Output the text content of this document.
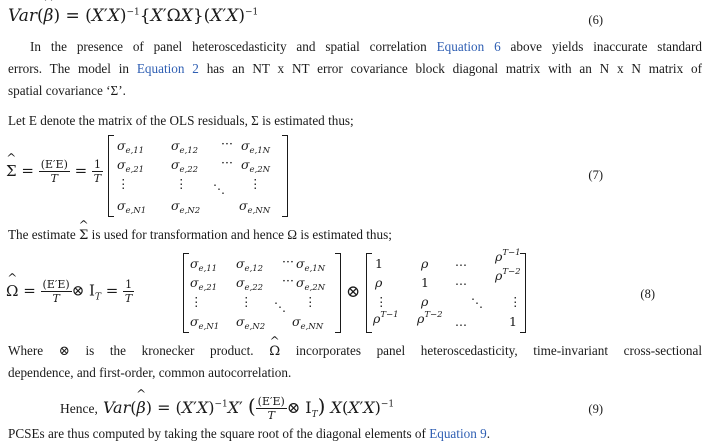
Var(^ $\beta) = (X'X)^{-1}\{X'\Omega X\}(X'X)^{-1}$
(6)
In the presence of panel heteroscedasticity and spatial correlation Equation 6 above yields inaccurate standard
errors. The model in Equation 2 has an NT x NT error covariance block diagonal matrix with an N x N matrix of
spatial covariance ‘Σ’.
Let E denote the matrix of the OLS residuals, Σ is estimated thus;
^ $\Sigma = \frac{(E'E)}{T} = \frac{1}{T}$
$\sigma_{e,11}$ $\sigma_{e,12}$ ··· $\sigma_{e,1N}$
$\sigma_{e,21}$ $\sigma_{e,22}$ ··· $\sigma_{e,2N}$
⋮	⋮ ⋱ ⋮
$\sigma_{e,N1}$ $\sigma_{e,N2}$	$\sigma_{e,NN}$
(7)
The estimate ^ Σ is used for transformation and hence Ω is estimated thus;
^ $\Omega = \frac{(E'E)}{T}$ ⊗ $I_T = \frac{1}{T}$
$\sigma_{e,11}$ $\sigma_{e,12}$ ··· $\sigma_{e,1N}$
$\sigma_{e,21}$ $\sigma_{e,22}$ ··· $\sigma_{e,2N}$
⋮	⋮ ⋱ ⋮
$\sigma_{e,N1}$ $\sigma_{e,N2}$ $\sigma_{e,NN}$
⊗
1	ρ ... $\rho^{T-1}$
ρ	1 ... $\rho^{T-2}$
⋮	ρ	⋱ ⋮
$\rho^{T-1}$ $\rho^{T-2}$ ...	1
(8)
Where ⊗ is the kronecker product. ^ Ω incorporates panel heteroscedasticity, time-invariant cross-sectional
dependence, and first-order, common autocorrelation.
Hence, Var(^ $\beta) = (X'X)^{-1}X'$ ( $\frac{(E'E)}{T}$ ⊗ $I_T$) $X(X'X)^{-1}$	(9)
PCSEs are thus computed by taking the square root of the diagonal elements of Equation 9.
